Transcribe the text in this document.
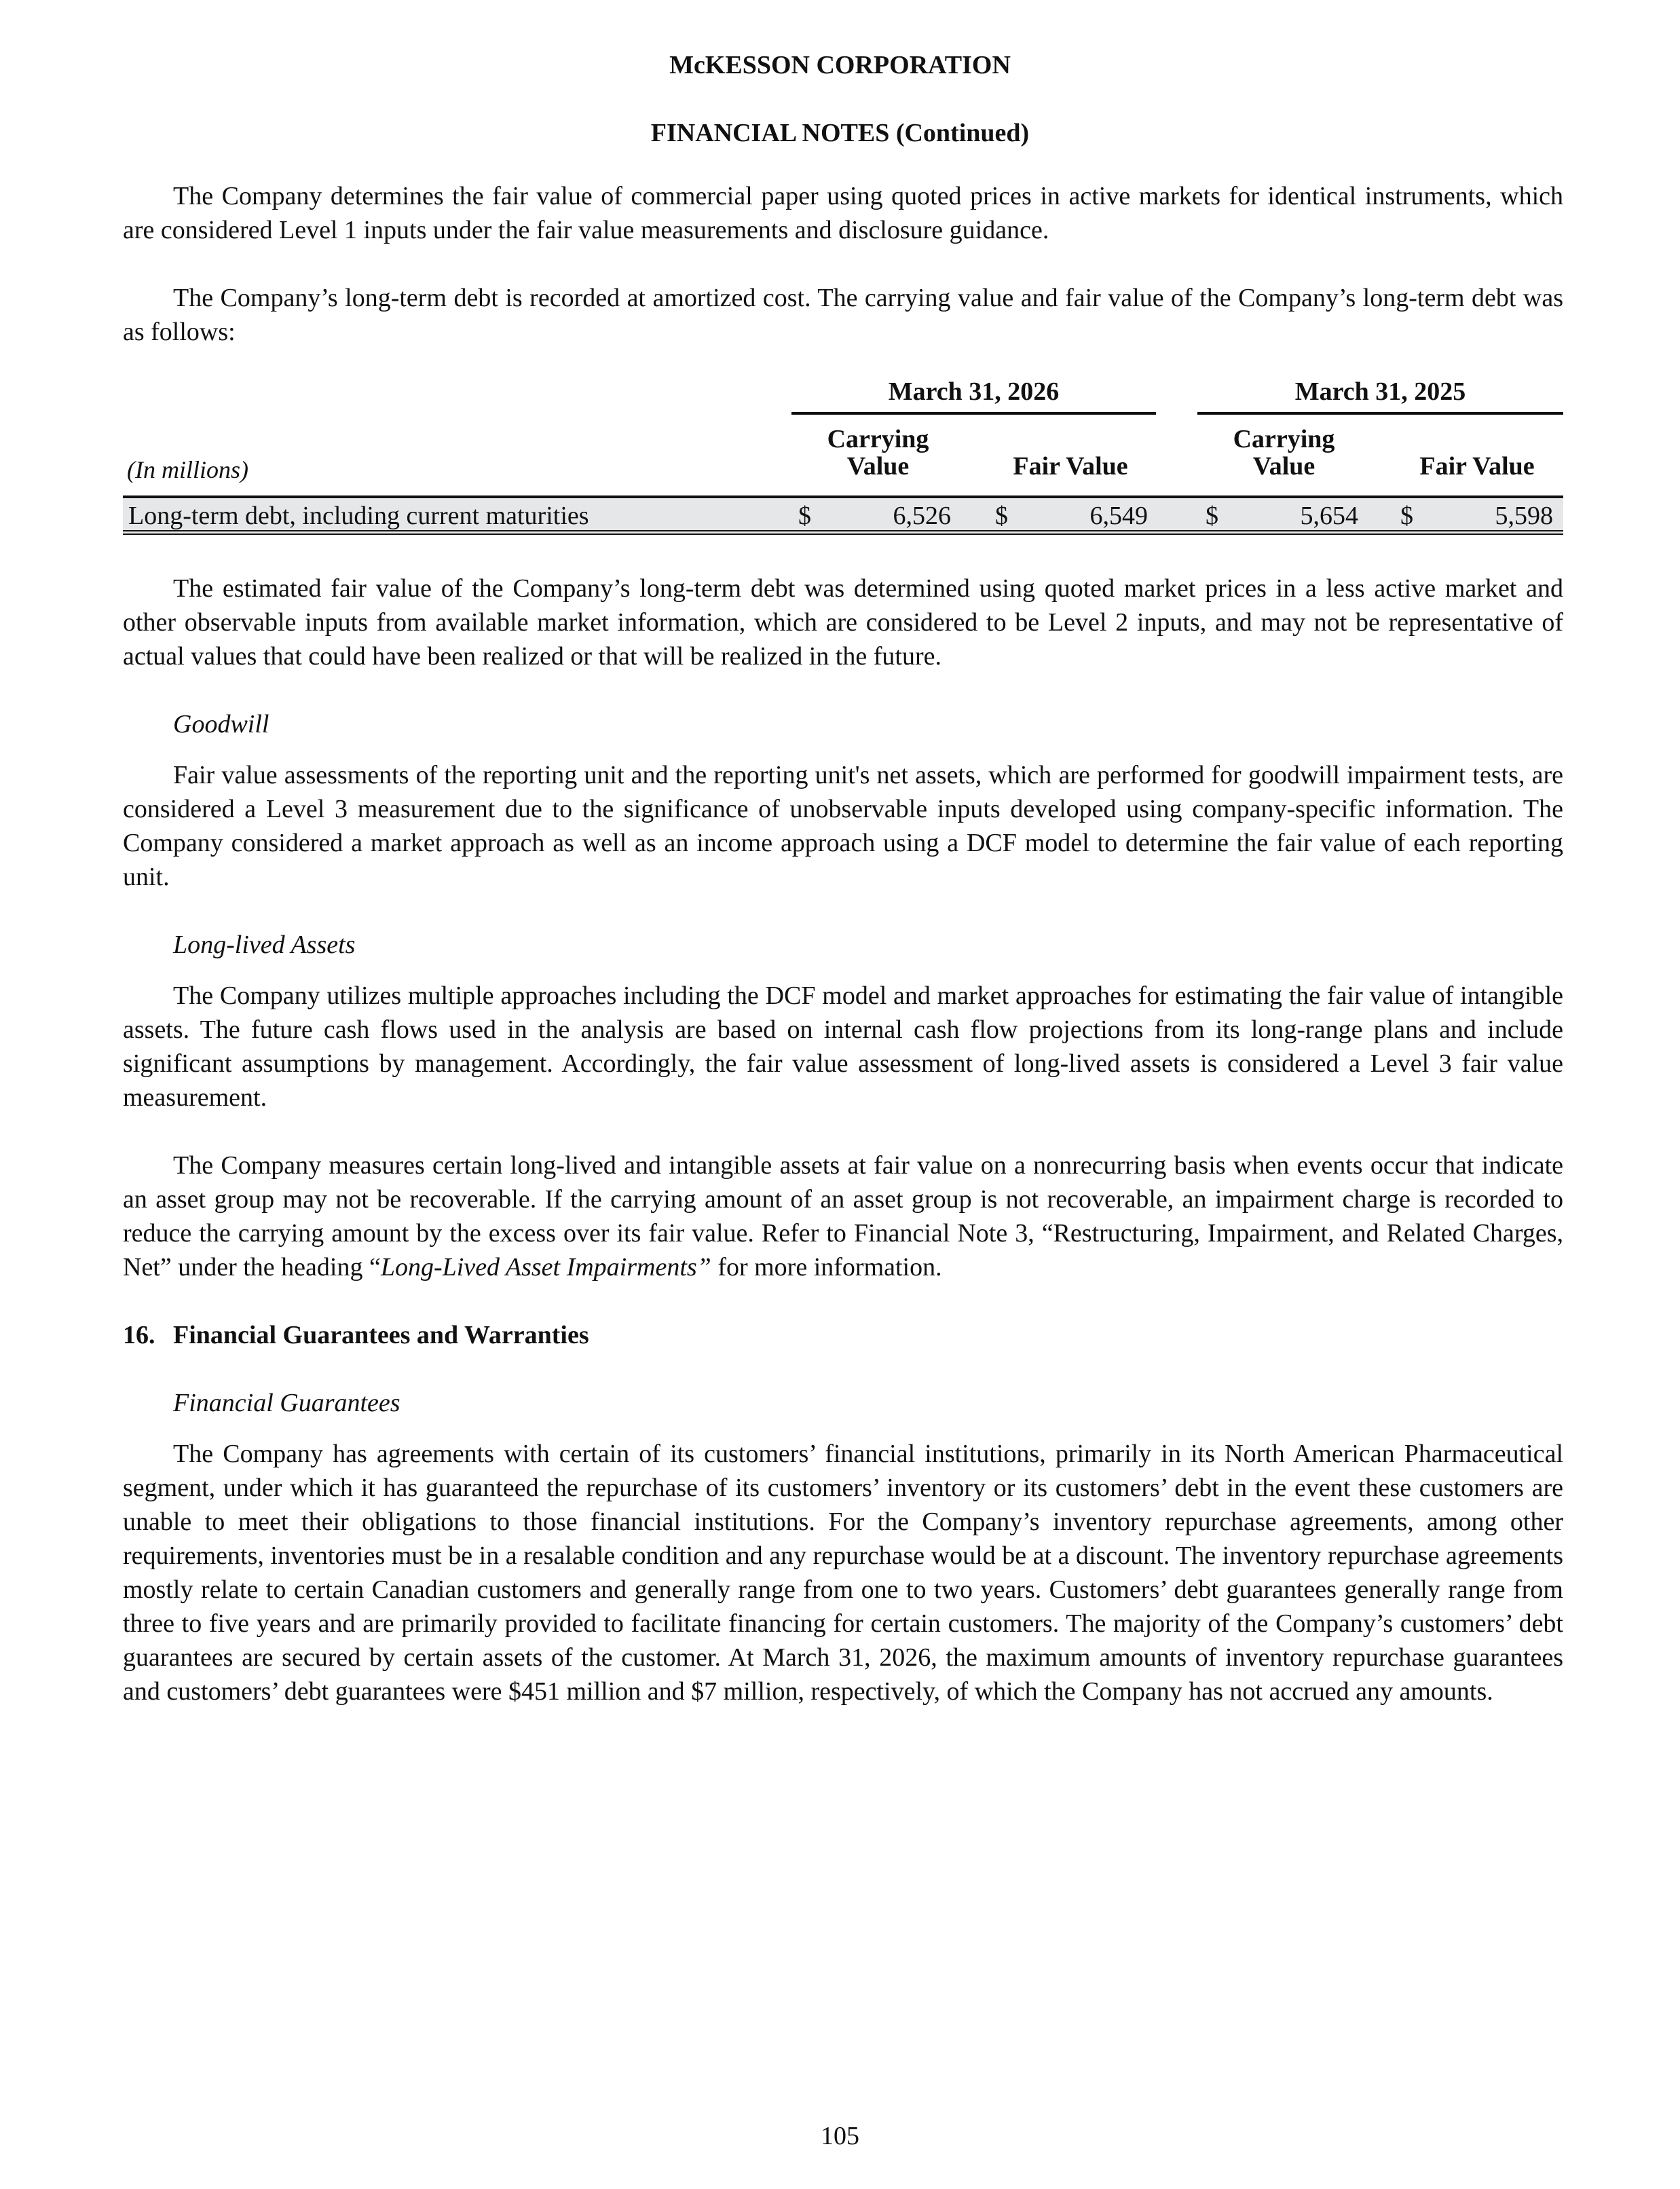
McKESSON CORPORATION

FINANCIAL NOTES (Continued)

The Company determines the fair value of commercial paper using quoted prices in active markets for identical instruments, which are considered Level 1 inputs under the fair value measurements and disclosure guidance.

The Company’s long-term debt is recorded at amortized cost. The carrying value and fair value of the Company’s long-term debt was as follows:

March 31, 2026	March 31, 2025

Carrying
Value	Fair Value

Carrying
Value	Fair Value

(In millions)

Long-term debt, including current maturities	$	6,526 $	6,549 $	5,654 $	5,598

The estimated fair value of the Company’s long-term debt was determined using quoted market prices in a less active market and other observable inputs from available market information, which are considered to be Level 2 inputs, and may not be representative of actual values that could have been realized or that will be realized in the future.

Goodwill

Fair value assessments of the reporting unit and the reporting unit's net assets, which are performed for goodwill impairment tests, are considered a Level 3 measurement due to the significance of unobservable inputs developed using company-specific information. The Company considered a market approach as well as an income approach using a DCF model to determine the fair value of each reporting unit.

Long-lived Assets

The Company utilizes multiple approaches including the DCF model and market approaches for estimating the fair value of intangible assets. The future cash flows used in the analysis are based on internal cash flow projections from its long-range plans and include significant assumptions by management. Accordingly, the fair value assessment of long-lived assets is considered a Level 3 fair value measurement.

The Company measures certain long-lived and intangible assets at fair value on a nonrecurring basis when events occur that indicate an asset group may not be recoverable. If the carrying amount of an asset group is not recoverable, an impairment charge is recorded to reduce the carrying amount by the excess over its fair value. Refer to Financial Note 3, “Restructuring, Impairment, and Related Charges, Net” under the heading “Long-Lived Asset Impairments” for more information.

16. Financial Guarantees and Warranties

Financial Guarantees

The Company has agreements with certain of its customers’ financial institutions, primarily in its North American Pharmaceutical segment, under which it has guaranteed the repurchase of its customers’ inventory or its customers’ debt in the event these customers are unable to meet their obligations to those financial institutions. For the Company’s inventory repurchase agreements, among other requirements, inventories must be in a resalable condition and any repurchase would be at a discount. The inventory repurchase agreements mostly relate to certain Canadian customers and generally range from one to two years. Customers’ debt guarantees generally range from three to five years and are primarily provided to facilitate financing for certain customers. The majority of the Company’s customers’ debt guarantees are secured by certain assets of the customer. At March 31, 2026, the maximum amounts of inventory repurchase guarantees and customers’ debt guarantees were $451 million and $7 million, respectively, of which the Company has not accrued any amounts.

105
